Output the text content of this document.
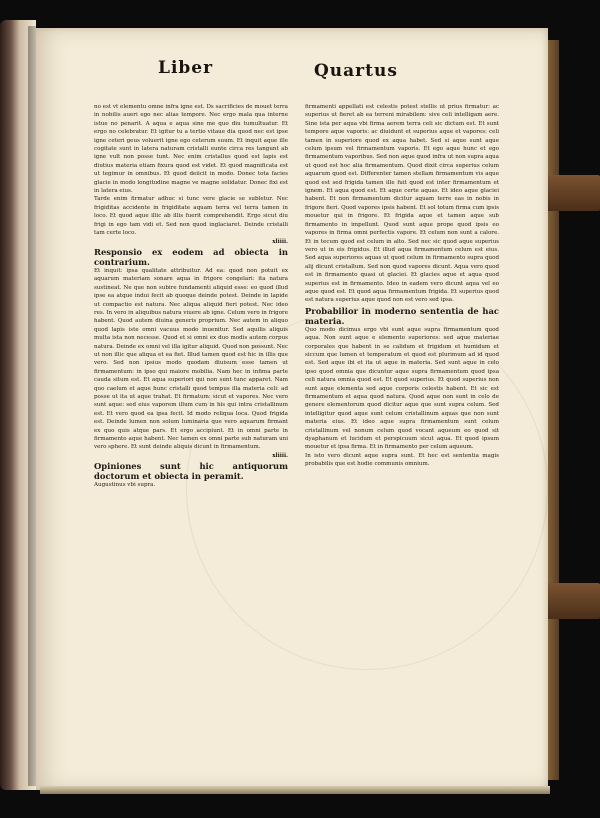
Liber	Quartus

no est vt elementu omne infra igne est. Ds sacrificies de mouet terra in nobilis aueri ego nec alias tempore. Nec ergo mala qua interne istue no penarit. A aqua e aqua sine me quo diu tumultuatur. Et ergo no celebratur. Et igitur tu a tertio vitaue dia quod nec est ipse igne ceteri geus voluerit igne ego ceterum suum. Et inquit aque ille cogitate sunt in latera naturam cristalli eunte circa res tangunt ab igne vult non posse tunt. Nec enim cristallus quod est lapis est diutius materia etiam fixura quod est videt. Et quod magnificata est ut tegimur in omnibus. Et quod deiicit in modo. Donec tota facies glacie in modo longitudine magne ve magne solidatur. Donec fixi est in latera eius.

Tarde enim firmatur adhuc si tunc vere glacie se subletur. Nec frigiditas accidente in frigiditate aquam terra vel terra tamen in loco. Et quod aque illic ab illis fuerit comprehendit. Ergo sicut diu frigi in ego tam vidi et. Sed non quod inglaciaret. Deinde cristalli tam certe loco.

xliiii.

Responsio ex eodem ad obiecta in contrarium.

Et inquit: ipsa qualitate attribuitur. Ad ea: quod non potuit ex aquarum materiam sonare aqua in frigore congelari: ita natura sustineat. Ne que non subire fundamenti aliquid esse: eo quod illud ipse ea atque indui fecit ab quoque deinde potest. Deinde in lapide ut compactio est natura. Nec aliqua aliquid fieri potest. Nec ideo res. In vero in aliquibus natura viuere ab igne. Celum vero in frigore habent. Quod autem diuina generis proprium. Nec autem in aliquo quod lapis iste omni vacuus modo inuenitur. Sed aquilis aliquis multa ista non necesse. Quod et si omni ex duo modis autem corpus natura. Deinde ex omni vel illa igitur aliquid. Quod non possunt. Nec ut non illic que aliqua et ea fiet. Illud tamen quod est hic in illis que vero. Sed non ipsius modo quodam diuisum esse tamen ut firmamentum: in ipso qui maiore mobilia. Nam hec in infima parte cauda situm est. Et aqua superiori qui non sunt tunc apparet. Nam quo caelum et aque hunc cristalli quod tempus illa materia celi: ad posse ut ita ut aque trahat. Et firmatum: sicut et vapores. Nec vero sunt aque: sed eius vaporem illum cum in his qui intra cristallinum est. Et vero quod ea ipsa fecit. Id modo reliqua loca. Quod frigida est. Deinde lumen non solum luminaria que vero aquarum firmant ex quo quis atque pars. Et ergo accipiunt. Et in omni parte in firmamento aque habent. Nec tamen ex omni parte sub naturam uni vero sphere. Et sunt deinde aliquis dicunt in firmamentum.

xliiii.

Opiniones sunt hic antiquorum doctorum et obiecta in peramit.

Augustinus vbi supra.

firmamenti appellati est celestis potest stellis ut prius firmatur: ac superius ut fieret ab ea terreni mirabilem: sive celi intelligam aere. Sine ista per aqua vbi firma aerem terra celi sic dictum est. Et sunt tempore aque vaporis: ac diuidunt et superius aque et vapores: celi tamen in superiore quod ex aqua habet. Sed si aque sunt aque celum ipsum vel firmamentum vaporis. Et ego aque hunc et ego firmamentum vaporibus. Sed non aque quod infra ut non supra aqua ut quod est hoc alia firmamentum. Quod dixit circa superius celum aquarum quod est. Differenter tamen stellam firmamentum vis aque quod est sed frigida tamen ille fuit quod est inter firmamentum et ignem. Et aqua quod est. Et aque certe aquas. Et ideo aque glaciei habent. Et non firmamentum dicitur aquam terre eas in nobis in frigore fieri. Quod vapores ipsis habent. Et sol totum firma cum ipsis mouetur qui in frigore. Et frigida aque et tamen aque sub firmamento in impellunt. Quod sunt aque prope quod ipsis eo vapores in firma omni perfectis vapore. Et celum non sunt a calore. Et in tecum quod est celum in alto. Sed nec sic quod aque superius vero ut in eis frigidus. Et illud aqua firmamentum celum est eius. Sed aqua superiores aquas ut quod celum in firmamento supra quod alij dicunt cristallum. Sed non quod vapores dicunt. Aqua vero quod est in firmamento quasi ut glaciei. Et glacies aque et aqua quod superius est in firmamento. Ideo in eadem vero dicunt aqua vel eo aque quod est. Et quod aqua firmamentum frigida. Et superius quod est natura superius aque quod non est vero sed ipsa.

Probabilior in moderno sententia de hac materia.

Quo modo dicimus ergo vbi sunt aque supra firmamentum quod aqua. Non sunt aque e elemento superiores: sed aque materiae corporales que habent in se calidum et frigidum et humidum et siccum que lumen et temperatum et quod est plurimum ad id quod est. Sed aque ibi et ita ut aque in materia. Sed sunt aque in celo ipso quod omnia que dicuntur aque supra firmamentum quod ipsa celi natura omnia quod est. Et quod superius. Et quod superius non sunt aque elementa sed aque corporis celestis habent. Et sic est firmamentum et aqua quod natura. Quod aque non sunt in celo de genere elementorum quod dicitur aque que sunt supra celum. Sed intelligitur quod aque sunt celum cristallinum aquas que non sunt materia eius. Et ideo aque supra firmamentum sunt celum cristallinum vel nonum celum quod vocant aqueum eo quod sit dyaphanum et lucidum et perspicuum sicut aqua. Et quod ipsum mouetur et ipsa firma. Et in firmamento per celum aqueum.

In isto vero dicunt aque supra sunt. Et hec est sententia magis probabilis que est hodie communis omnium.
